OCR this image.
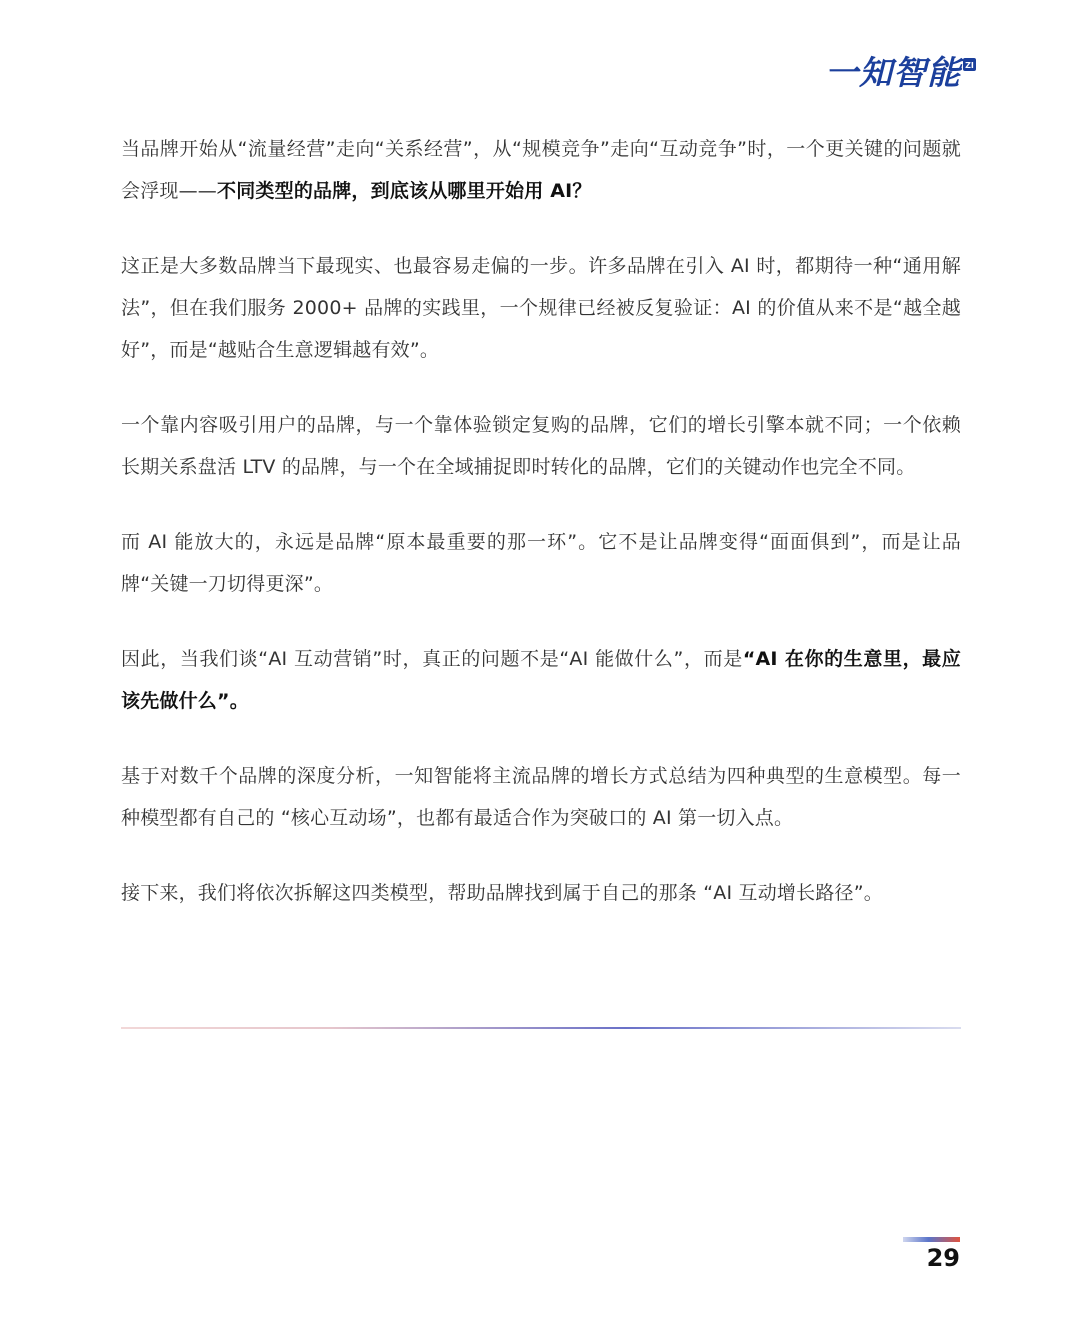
一知智能 ZI

当品牌开始从“流量经营”走向“关系经营”，从“规模竞争”走向“互动竞争”时，一个更关键的问题就会浮现——不同类型的品牌，到底该从哪里开始用 AI？

这正是大多数品牌当下最现实、也最容易走偏的一步。许多品牌在引入 AI 时，都期待一种“通用解法”，但在我们服务 2000+ 品牌的实践里，一个规律已经被反复验证：AI 的价值从来不是“越全越好”，而是“越贴合生意逻辑越有效”。

一个靠内容吸引用户的品牌，与一个靠体验锁定复购的品牌，它们的增长引擎本就不同；一个依赖长期关系盘活 LTV 的品牌，与一个在全域捕捉即时转化的品牌，它们的关键动作也完全不同。

而 AI 能放大的，永远是品牌“原本最重要的那一环”。它不是让品牌变得“面面俱到”，而是让品牌“关键一刀切得更深”。

因此，当我们谈“AI 互动营销”时，真正的问题不是“AI 能做什么”，而是“AI 在你的生意里，最应该先做什么”。

基于对数千个品牌的深度分析，一知智能将主流品牌的增长方式总结为四种典型的生意模型。每一种模型都有自己的 “核心互动场”，也都有最适合作为突破口的 AI 第一切入点。

接下来，我们将依次拆解这四类模型，帮助品牌找到属于自己的那条 “AI 互动增长路径”。

29
